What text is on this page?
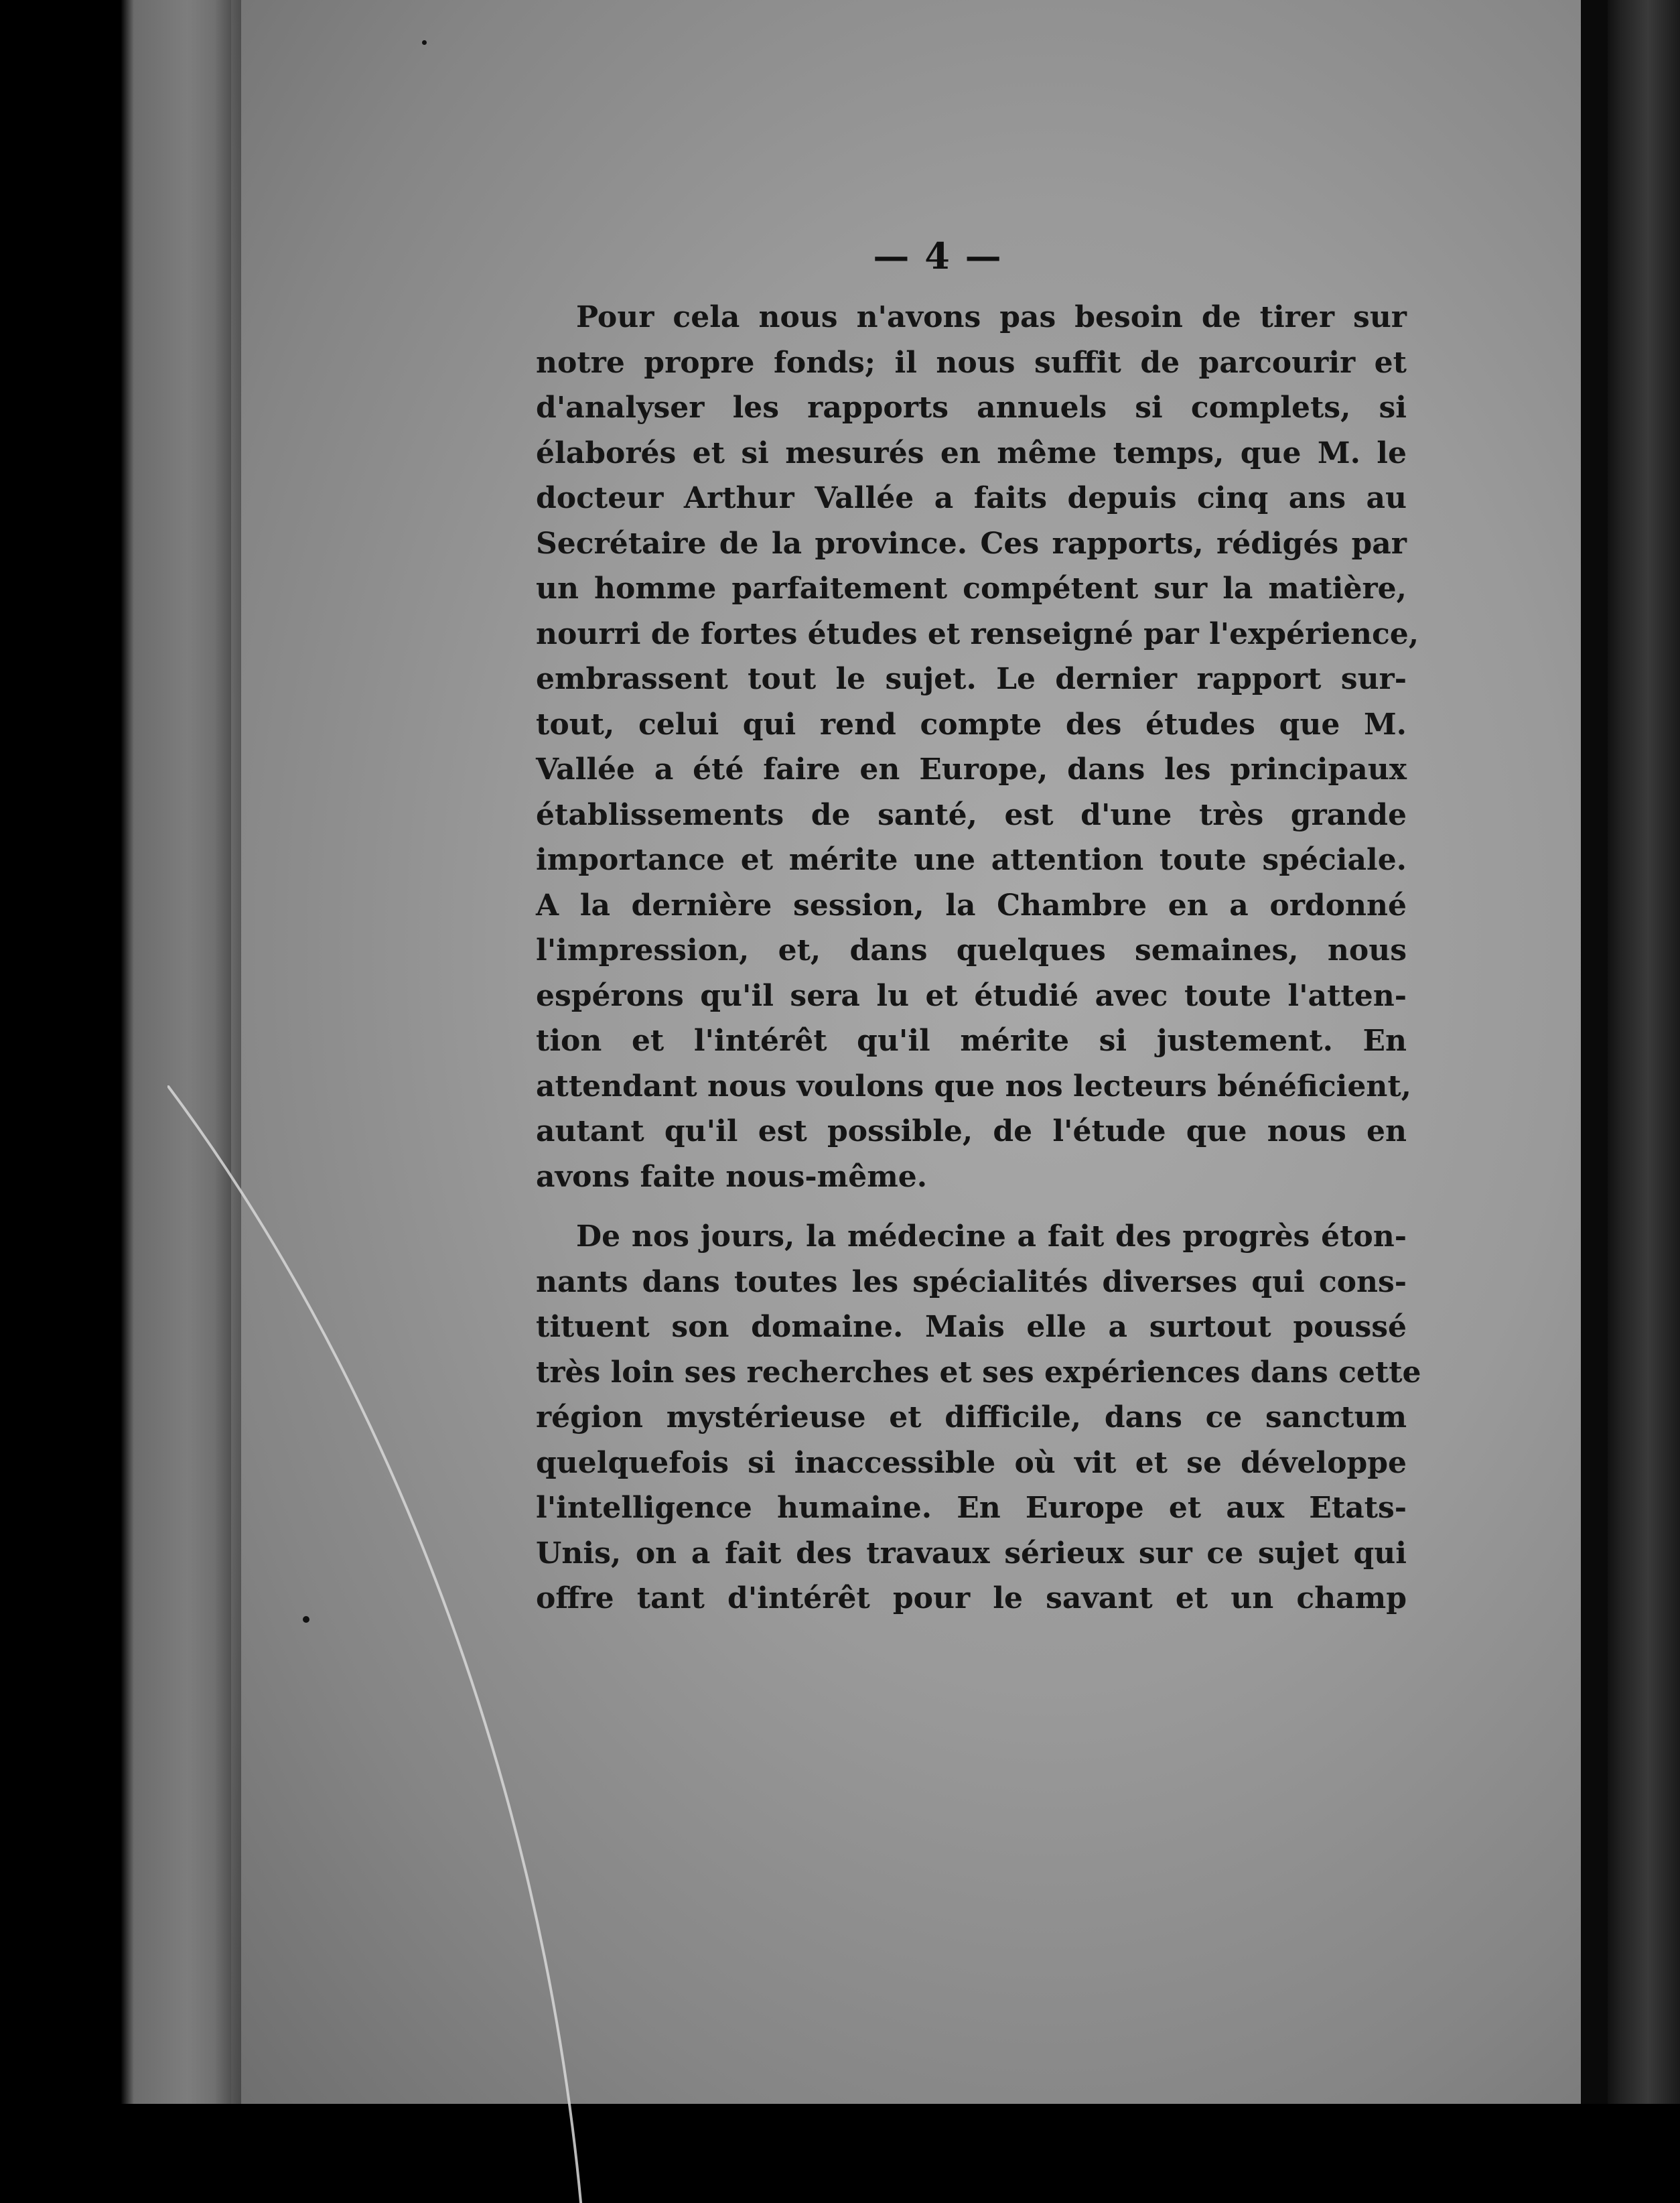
— 4 —
Pour cela nous n'avons pas besoin de tirer sur
notre propre fonds; il nous suffit de parcourir et
d'analyser les rapports annuels si complets, si
élaborés et si mesurés en même temps, que M. le
docteur Arthur Vallée a faits depuis cinq ans au
Secrétaire de la province. Ces rapports, rédigés par
un homme parfaitement compétent sur la matière,
nourri de fortes études et renseigné par l'expérience,
embrassent tout le sujet. Le dernier rapport sur-
tout, celui qui rend compte des études que M.
Vallée a été faire en Europe, dans les principaux
établissements de santé, est d'une très grande
importance et mérite une attention toute spéciale.
A la dernière session, la Chambre en a ordonné
l'impression, et, dans quelques semaines, nous
espérons qu'il sera lu et étudié avec toute l'atten-
tion et l'intérêt qu'il mérite si justement. En
attendant nous voulons que nos lecteurs bénéficient,
autant qu'il est possible, de l'étude que nous en
avons faite nous-même.
De nos jours, la médecine a fait des progrès éton-
nants dans toutes les spécialités diverses qui cons-
tituent son domaine. Mais elle a surtout poussé
très loin ses recherches et ses expériences dans cette
région mystérieuse et difficile, dans ce sanctum
quelquefois si inaccessible où vit et se développe
l'intelligence humaine. En Europe et aux Etats-
Unis, on a fait des travaux sérieux sur ce sujet qui
offre tant d'intérêt pour le savant et un champ
